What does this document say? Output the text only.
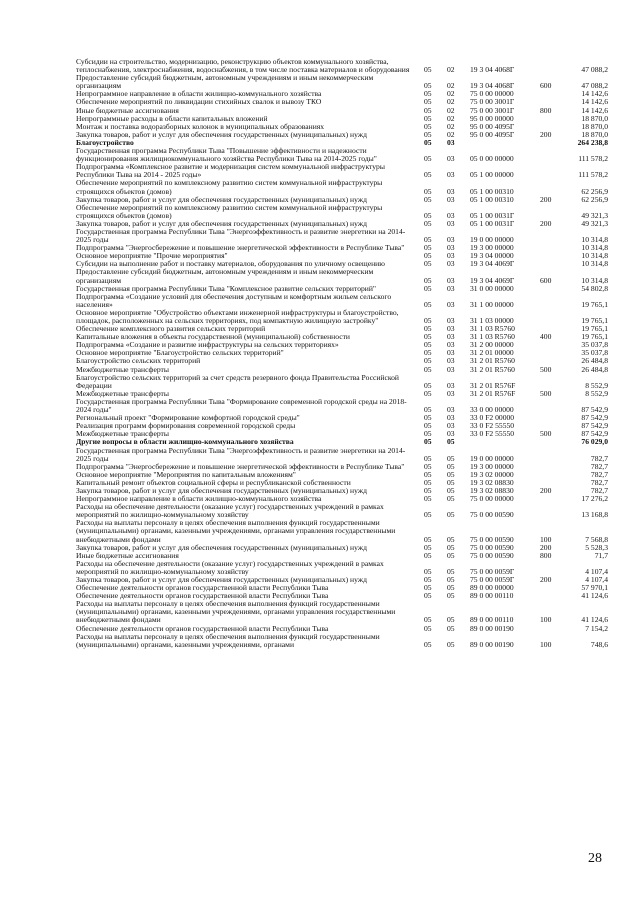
Субсидии на строительство, модернизацию, реконструкцию объектов коммунального хозяйства, теплоснабжения, электроснабжения, водоснабжения, в том числе поставка материалов и оборудования	05	02	19 3 04 4068Г		47 088,2
Предоставление субсидий бюджетным, автономным учреждениям и иным некоммерческим организациям	05	02	19 3 04 4068Г	600	47 088,2
Непрограммное направление в области жилищно-коммунального хозяйства	05	02	75 0 00 00000		14 142,6
Обеспечение мероприятий по ликвидации стихийных свалок и вывозу ТКО	05	02	75 0 00 3001Г		14 142,6
Иные бюджетные ассигнования	05	02	75 0 00 3001Г	800	14 142,6
Непрограммные расходы в области капитальных вложений	05	02	95 0 00 00000		18 870,0
Монтаж и поставка водоразборных колонок в муниципальных образованиях	05	02	95 0 00 4095Г		18 870,0
Закупка товаров, работ и услуг для обеспечения государственных (муниципальных) нужд	05	02	95 0 00 4095Г	200	18 870,0
Благоустройство	05	03			264 238,8
Государственная программа Республики Тыва "Повышение эффективности и надежности функционирования жилищнокоммунального хозяйства Республики Тыва на 2014-2025 годы"	05	03	05 0 00 00000		111 578,2
Подпрограмма «Комплексное развитие и модернизация систем коммунальной инфраструктуры Республики Тыва на 2014 - 2025 годы»	05	03	05 1 00 00000		111 578,2
Обеспечение мероприятий по комплексному развитию систем коммунальной инфраструктуры строящихся объектов (домов)	05	03	05 1 00 00310		62 256,9
Закупка товаров, работ и услуг для обеспечения государственных (муниципальных) нужд	05	03	05 1 00 00310	200	62 256,9
Обеспечение мероприятий по комплексному развитию систем коммунальной инфраструктуры строящихся объектов (домов)	05	03	05 1 00 0031Г		49 321,3
Закупка товаров, работ и услуг для обеспечения государственных (муниципальных) нужд	05	03	05 1 00 0031Г	200	49 321,3
Государственная программа Республики Тыва "Энергоэффективность и развитие энергетики на 2014-2025 годы	05	03	19 0 00 00000		10 314,8
Подпрограмма "Энергосбережение и повышение энергетической эффективности в Республике Тыва"	05	03	19 3 00 00000		10 314,8
Основное мероприятие "Прочие мероприятия"	05	03	19 3 04 00000		10 314,8
Субсидии на выполнение работ и поставку материалов, оборудования по уличному освещению	05	03	19 3 04 4069Г		10 314,8
Предоставление субсидий бюджетным, автономным учреждениям и иным некоммерческим организациям	05	03	19 3 04 4069Г	600	10 314,8
Государственная программа Республики Тыва "Комплексное развитие сельских территорий"	05	03	31 0 00 00000		54 802,8
Подпрограмма «Создание условий для обеспечения доступным и комфортным жильем сельского населения»	05	03	31 1 00 00000		19 765,1
Основное мероприятие "Обустройство объектами инженерной инфраструктуры и благоустройство, площадок, расположенных на сельских территориях, под компактную жилищную застройку"	05	03	31 1 03 00000		19 765,1
Обеспечение комплексного развития сельских территорий	05	03	31 1 03 R5760		19 765,1
Капитальные вложения в объекты государственной (муниципальной) собственности	05	03	31 1 03 R5760	400	19 765,1
Подпрограмма «Создание и развитие инфраструктуры на сельских территориях»	05	03	31 2 00 00000		35 037,8
Основное мероприятие "Благоустройство сельских территорий"	05	03	31 2 01 00000		35 037,8
Благоустройство сельских территорий	05	03	31 2 01 R5760		26 484,8
Межбюджетные трансферты	05	03	31 2 01 R5760	500	26 484,8
Благоустройство сельских территорий за счет средств резервного фонда Правительства Российской Федерации	05	03	31 2 01 R576F		8 552,9
Межбюджетные трансферты	05	03	31 2 01 R576F	500	8 552,9
Государственная программа Республики Тыва "Формирование современной городской среды на 2018-2024 годы"	05	03	33 0 00 00000		87 542,9
Региональный проект "Формирование комфортной городской среды"	05	03	33 0 F2 00000		87 542,9
Реализация программ формирования современной городской среды	05	03	33 0 F2 55550		87 542,9
Межбюджетные трансферты	05	03	33 0 F2 55550	500	87 542,9
Другие вопросы в области жилищно-коммунального хозяйства	05	05			76 029,0
Государственная программа Республики Тыва "Энергоэффективность и развитие энергетики на 2014-2025 годы	05	05	19 0 00 00000		782,7
Подпрограмма "Энергосбережение и повышение энергетической эффективности в Республике Тыва"	05	05	19 3 00 00000		782,7
Основное мероприятие "Мероприятия по капитальным вложениям"	05	05	19 3 02 00000		782,7
Капитальный ремонт объектов социальной сферы и республиканской собственности	05	05	19 3 02 08830		782,7
Закупка товаров, работ и услуг для обеспечения государственных (муниципальных) нужд	05	05	19 3 02 08830	200	782,7
Непрограммное направление в области жилищно-коммунального хозяйства	05	05	75 0 00 00000		17 276,2
Расходы на обеспечение деятельности (оказание услуг) государственных учреждений в рамках мероприятий по жилищно-коммунальному хозяйству	05	05	75 0 00 00590		13 168,8
Расходы на выплаты персоналу в целях обеспечения выполнения функций государственными (муниципальными) органами, казенными учреждениями, органами управления государственными внебюджетными фондами	05	05	75 0 00 00590	100	7 568,8
Закупка товаров, работ и услуг для обеспечения государственных (муниципальных) нужд	05	05	75 0 00 00590	200	5 528,3
Иные бюджетные ассигнования	05	05	75 0 00 00590	800	71,7
Расходы на обеспечение деятельности (оказание услуг) государственных учреждений в рамках мероприятий по жилищно-коммунальному хозяйству	05	05	75 0 00 0059Г		4 107,4
Закупка товаров, работ и услуг для обеспечения государственных (муниципальных) нужд	05	05	75 0 00 0059Г	200	4 107,4
Обеспечение деятельности органов государственной власти Республики Тыва	05	05	89 0 00 00000		57 970,1
Обеспечение деятельности органов государственной власти Республики Тыва	05	05	89 0 00 00110		41 124,6
Расходы на выплаты персоналу в целях обеспечения выполнения функций государственными (муниципальными) органами, казенными учреждениями, органами управления государственными внебюджетными фондами	05	05	89 0 00 00110	100	41 124,6
Обеспечение деятельности органов государственной власти Республики Тыва	05	05	89 0 00 00190		7 154,2
Расходы на выплаты персоналу в целях обеспечения выполнения функций государственными (муниципальными) органами, казенными учреждениями, органами	05	05	89 0 00 00190	100	748,6
28
